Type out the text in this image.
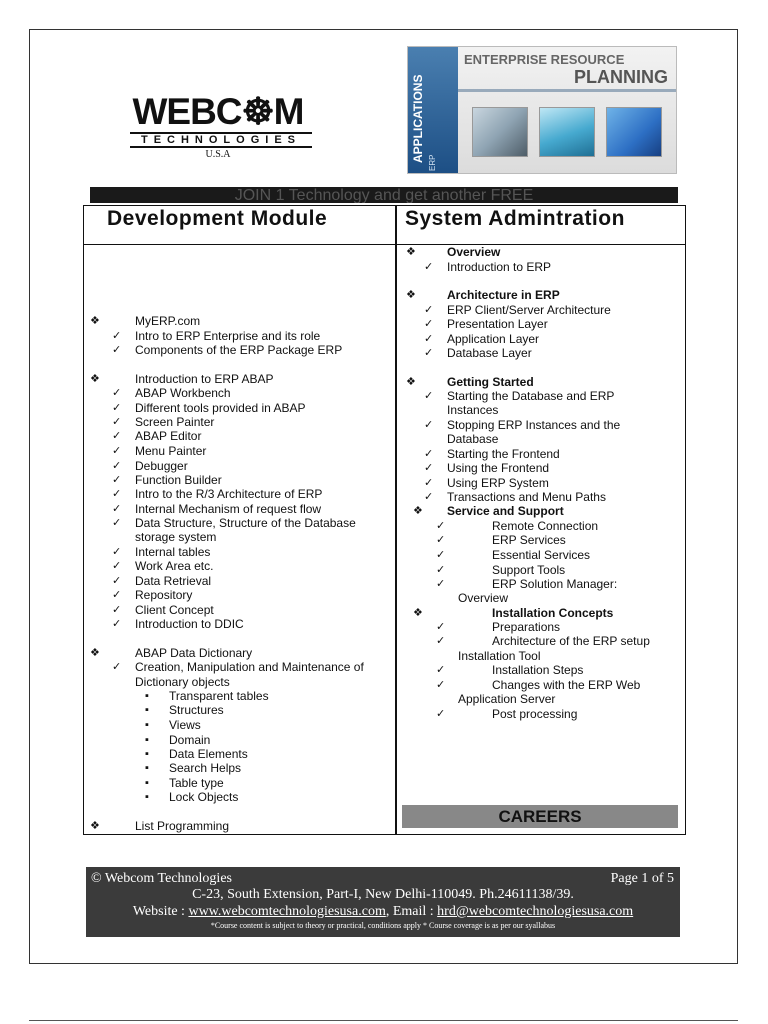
WEBC☸M
TECHNOLOGIES
U.S.A	APPLICATIONS ERP
ENTERPRISE RESOURCE
PLANNING
JOIN 1 Technology and get another FREE
Development Module	System Admintration
❖	MyERP.com
✓ Intro to ERP Enterprise and its role
✓ Components of the ERP Package ERP
❖	Introduction to ERP ABAP
✓ ABAP Workbench
✓ Different tools provided in ABAP
✓ Screen Painter
✓ ABAP Editor
✓ Menu Painter
✓ Debugger
✓ Function Builder
✓ Intro to the R/3 Architecture of ERP
✓ Internal Mechanism of request flow
✓ Data Structure, Structure of the Database
storage system
✓ Internal tables
✓ Work Area etc.
✓ Data Retrieval
✓ Repository
✓ Client Concept
✓ Introduction to DDIC
❖	ABAP Data Dictionary
✓ Creation, Manipulation and Maintenance of
Dictionary objects
▪ Transparent tables
▪ Structures
▪ Views
▪ Domain
▪ Data Elements
▪ Search Helps
▪ Table type
▪ Lock Objects
❖	List Programming
❖	Overview
✓ Introduction to ERP
❖	Architecture in ERP
✓ ERP Client/Server Architecture
✓ Presentation Layer
✓ Application Layer
✓ Database Layer
❖	Getting Started
✓ Starting the Database and ERP
Instances
✓ Stopping ERP Instances and the
Database
✓ Starting the Frontend
✓ Using the Frontend
✓ Using ERP System
✓ Transactions and Menu Paths
❖ Service and Support
✓	Remote Connection
✓	ERP Services
✓	Essential Services
✓	Support Tools
✓	ERP Solution Manager:
Overview
❖	Installation Concepts
✓	Preparations
✓	Architecture of the ERP setup
Installation Tool
✓	Installation Steps
✓	Changes with the ERP Web
Application Server
✓	Post processing
CAREERS
© Webcom Technologies	Page 1 of 5
C-23, South Extension, Part-I, New Delhi-110049. Ph.24611138/39.
Website : www.webcomtechnologiesusa.com, Email : hrd@webcomtechnologiesusa.com
*Course content is subject to theory or practical, conditions apply * Course coverage is as per our syallabus
